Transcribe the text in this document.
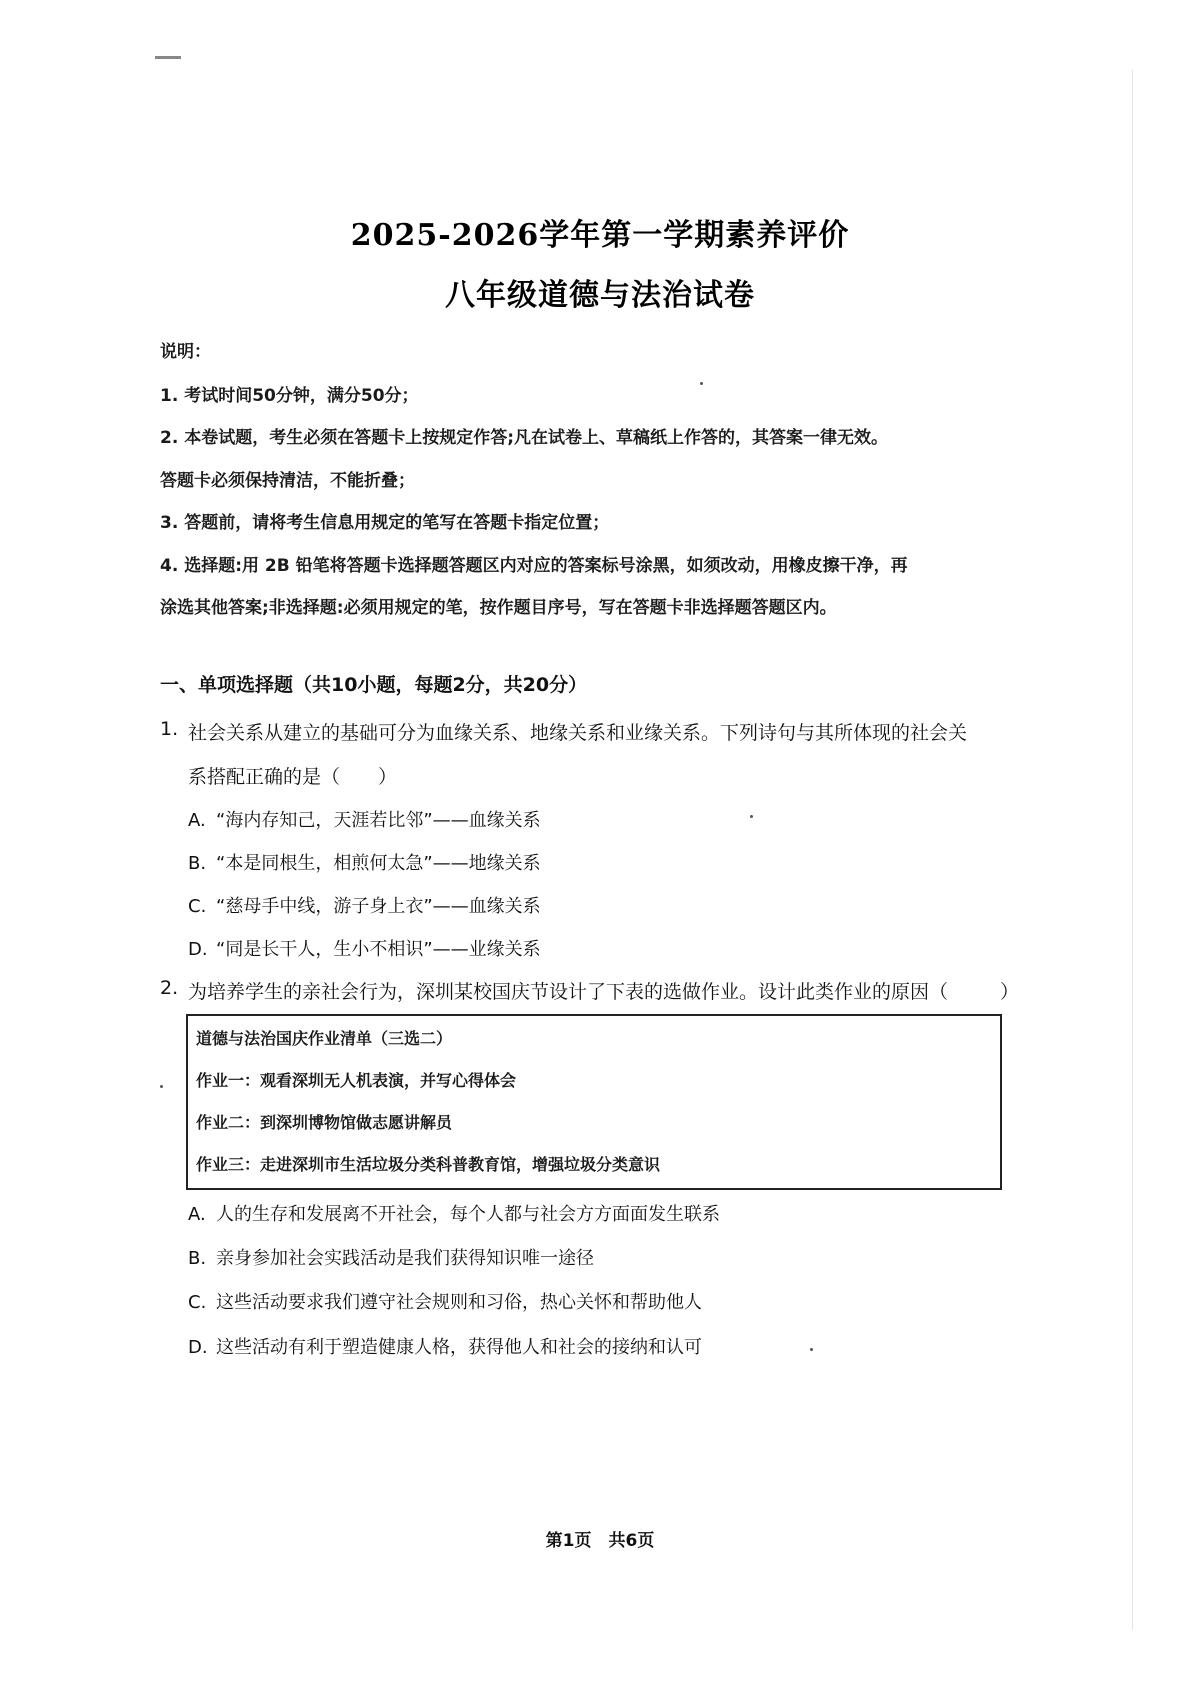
2025-2026学年第一学期素养评价
八年级道德与法治试卷
说明：
1. 考试时间50分钟，满分50分；
2. 本卷试题，考生必须在答题卡上按规定作答;凡在试卷上、草稿纸上作答的，其答案一律无效。
答题卡必须保持清洁，不能折叠；
3. 答题前，请将考生信息用规定的笔写在答题卡指定位置；
4. 选择题:用 2B 铅笔将答题卡选择题答题区内对应的答案标号涂黑，如须改动，用橡皮擦干净，再
涂选其他答案;非选择题:必须用规定的笔，按作题目序号，写在答题卡非选择题答题区内。
一、单项选择题（共10小题，每题2分，共20分）
1. 社会关系从建立的基础可分为血缘关系、地缘关系和业缘关系。下列诗句与其所体现的社会关
系搭配正确的是（　　）
A. “海内存知己，天涯若比邻”——血缘关系
B. “本是同根生，相煎何太急”——地缘关系
C. “慈母手中线，游子身上衣”——血缘关系
D. “同是长干人，生小不相识”——业缘关系
2. 为培养学生的亲社会行为，深圳某校国庆节设计了下表的选做作业。设计此类作业的原因（	）
道德与法治国庆作业清单（三选二）
作业一：观看深圳无人机表演，并写心得体会
作业二：到深圳博物馆做志愿讲解员
作业三：走进深圳市生活垃圾分类科普教育馆，增强垃圾分类意识
A. 人的生存和发展离不开社会，每个人都与社会方方面面发生联系
B. 亲身参加社会实践活动是我们获得知识唯一途径
C. 这些活动要求我们遵守社会规则和习俗，热心关怀和帮助他人
D. 这些活动有利于塑造健康人格，获得他人和社会的接纳和认可
第1页　共6页
